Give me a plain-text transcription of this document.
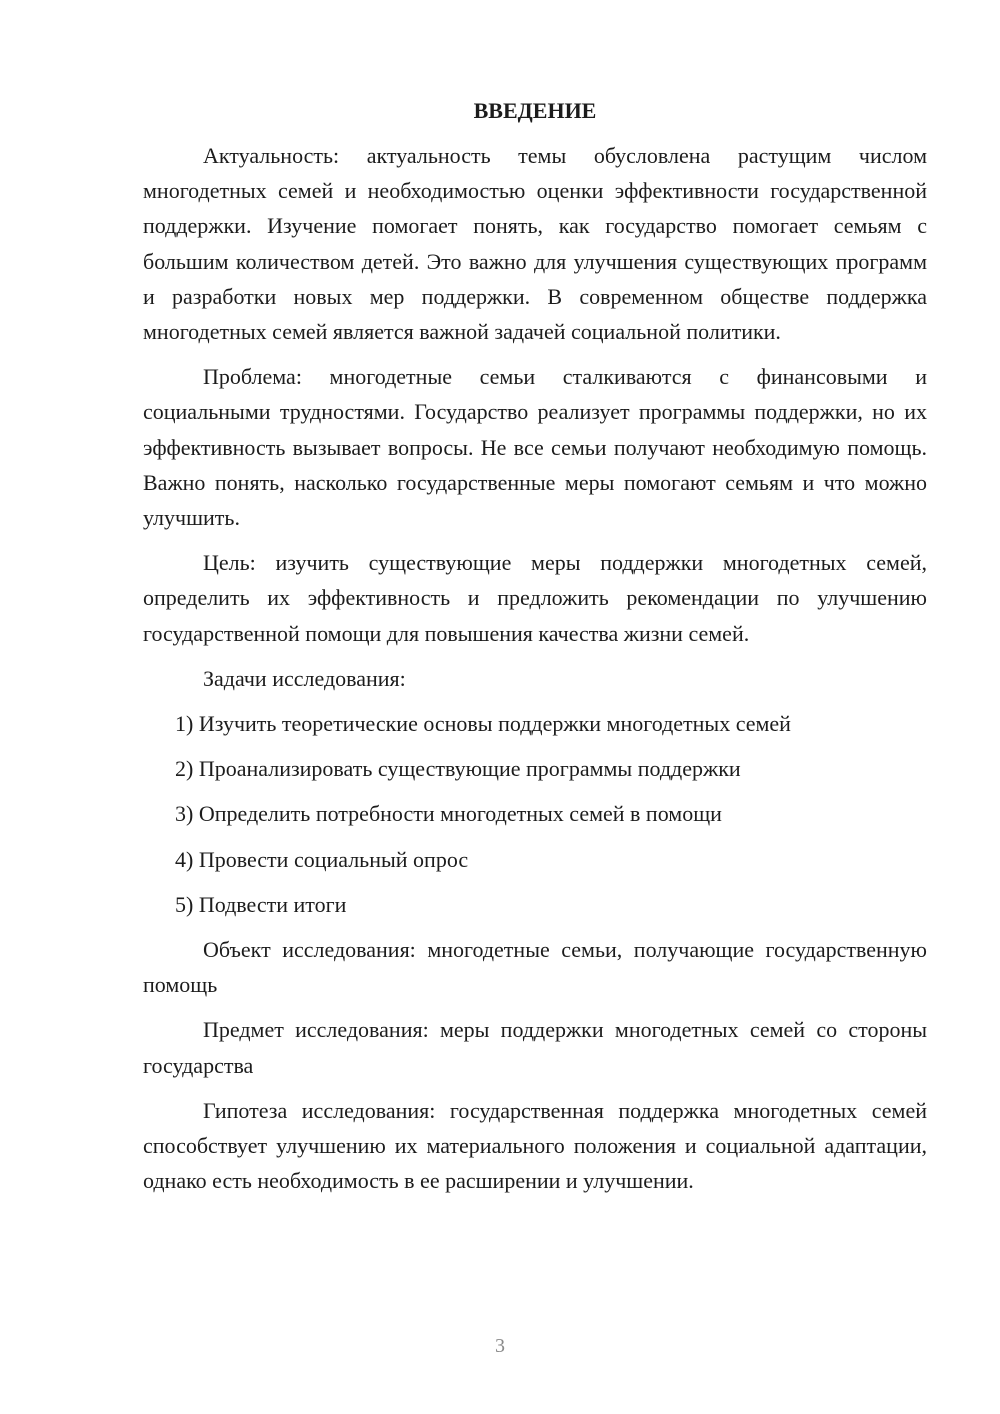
ВВЕДЕНИЕ

Актуальность: актуальность темы обусловлена растущим числом многодетных семей и необходимостью оценки эффективности государственной поддержки. Изучение помогает понять, как государство помогает семьям с большим количеством детей. Это важно для улучшения существующих программ и разработки новых мер поддержки. В современном обществе поддержка многодетных семей является важной задачей социальной политики.

Проблема: многодетные семьи сталкиваются с финансовыми и социальными трудностями. Государство реализует программы поддержки, но их эффективность вызывает вопросы. Не все семьи получают необходимую помощь. Важно понять, насколько государственные меры помогают семьям и что можно улучшить.

Цель: изучить существующие меры поддержки многодетных семей, определить их эффективность и предложить рекомендации по улучшению государственной помощи для повышения качества жизни семей.

Задачи исследования:

1) Изучить теоретические основы поддержки многодетных семей

2) Проанализировать существующие программы поддержки

3) Определить потребности многодетных семей в помощи

4) Провести социальный опрос

5) Подвести итоги

Объект исследования: многодетные семьи, получающие государственную помощь

Предмет исследования: меры поддержки многодетных семей со стороны государства

Гипотеза исследования: государственная поддержка многодетных семей способствует улучшению их материального положения и социальной адаптации, однако есть необходимость в ее расширении и улучшении.

3
